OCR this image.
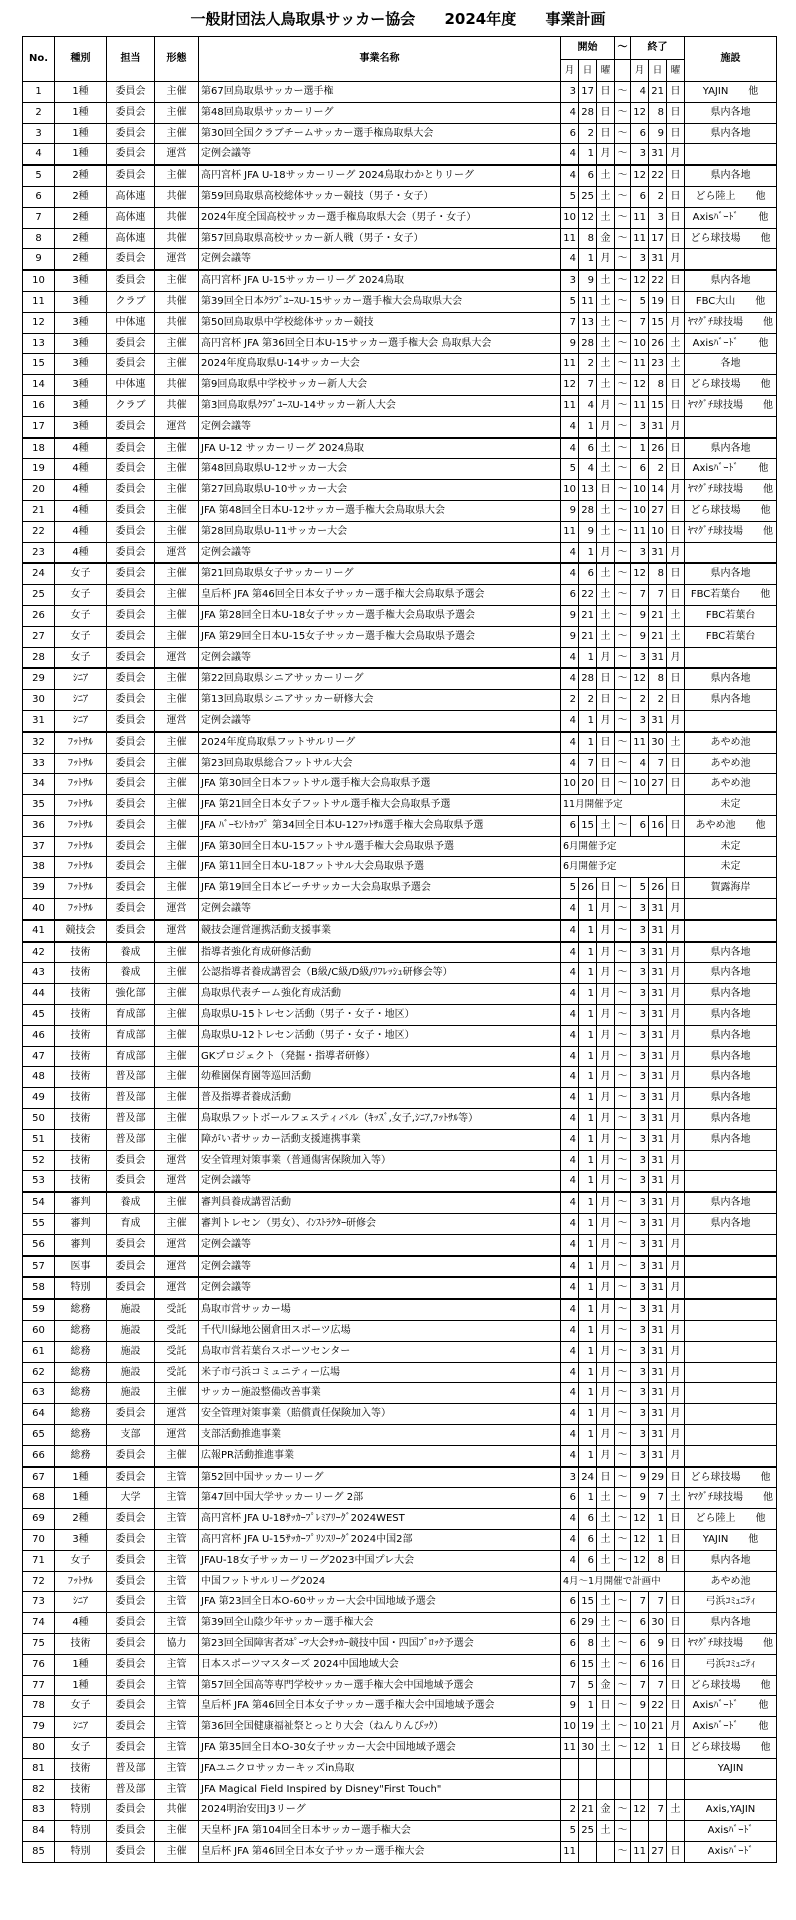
一般財団法人鳥取県サッカー協会 2024年度 事業計画
No.	種別	担当	形態	事業名称	開始			～	終了			施設
					月	日	曜		月	日	曜	
1	1種	委員会	主催	第67回鳥取県サッカー選手権	3	17	日	～	4	21	日	YAJIN　　他
2	1種	委員会	主催	第48回鳥取県サッカーリーグ	4	28	日	～	12	8	日	県内各地
3	1種	委員会	主催	第30回全国クラブチームサッカー選手権鳥取県大会	6	2	日	～	6	9	日	県内各地
4	1種	委員会	運営	定例会議等	4	1	月	～	3	31	月	
5	2種	委員会	主催	高円宮杯 JFA U-18サッカーリーグ 2024鳥取わかとりリーグ	4	6	土	～	12	22	日	県内各地
6	2種	高体連	共催	第59回鳥取県高校総体サッカー競技（男子・女子）	5	25	土	～	6	2	日	どら陸上　　他
7	2種	高体連	共催	2024年度全国高校サッカー選手権鳥取県大会（男子・女子）	10	12	土	～	11	3	日	Axisﾊﾞｰﾄﾞ　　他
8	2種	高体連	共催	第57回鳥取県高校サッカー新人戦（男子・女子）	11	8	金	～	11	17	日	どら球技場　　他
9	2種	委員会	運営	定例会議等	4	1	月	～	3	31	月	
10	3種	委員会	主催	高円宮杯 JFA U-15サッカーリーグ 2024鳥取	3	9	土	～	12	22	日	県内各地
11	3種	クラブ	共催	第39回全日本ｸﾗﾌﾞﾕｰｽU-15サッカー選手権大会鳥取県大会	5	11	土	～	5	19	日	FBC大山　　他
12	3種	中体連	共催	第50回鳥取県中学校総体サッカー競技	7	13	土	～	7	15	月	ﾔﾏｸﾞﾁ球技場　　他
13	3種	委員会	主催	高円宮杯 JFA 第36回全日本U-15サッカー選手権大会 鳥取県大会	9	28	土	～	10	26	土	Axisﾊﾞｰﾄﾞ　　他
15	3種	委員会	主催	2024年度鳥取県U-14サッカー大会	11	2	土	～	11	23	土	各地
14	3種	中体連	共催	第9回鳥取県中学校サッカー新人大会	12	7	土	～	12	8	日	どら球技場　　他
16	3種	クラブ	共催	第3回鳥取県ｸﾗﾌﾞﾕｰｽU-14サッカー新人大会	11	4	月	～	11	15	日	ﾔﾏｸﾞﾁ球技場　　他
17	3種	委員会	運営	定例会議等	4	1	月	～	3	31	月	
18	4種	委員会	主催	JFA U-12 サッカーリーグ 2024鳥取	4	6	土	～	1	26	日	県内各地
19	4種	委員会	主催	第48回鳥取県U-12サッカー大会	5	4	土	～	6	2	日	Axisﾊﾞｰﾄﾞ　　他
20	4種	委員会	主催	第27回鳥取県U-10サッカー大会	10	13	日	～	10	14	月	ﾔﾏｸﾞﾁ球技場　　他
21	4種	委員会	主催	JFA 第48回全日本U-12サッカー選手権大会鳥取県大会	9	28	土	～	10	27	日	どら球技場　　他
22	4種	委員会	主催	第28回鳥取県U-11サッカー大会	11	9	土	～	11	10	日	ﾔﾏｸﾞﾁ球技場　　他
23	4種	委員会	運営	定例会議等	4	1	月	～	3	31	月	
24	女子	委員会	主催	第21回鳥取県女子サッカーリーグ	4	6	土	～	12	8	日	県内各地
25	女子	委員会	主催	皇后杯 JFA 第46回全日本女子サッカー選手権大会鳥取県予選会	6	22	土	～	7	7	日	FBC若葉台　　他
26	女子	委員会	主催	JFA 第28回全日本U-18女子サッカー選手権大会鳥取県予選会	9	21	土	～	9	21	土	FBC若葉台
27	女子	委員会	主催	JFA 第29回全日本U-15女子サッカー選手権大会鳥取県予選会	9	21	土	～	9	21	土	FBC若葉台
28	女子	委員会	運営	定例会議等	4	1	月	～	3	31	月	
29	ｼﾆｱ	委員会	主催	第22回鳥取県シニアサッカーリーグ	4	28	日	～	12	8	日	県内各地
30	ｼﾆｱ	委員会	主催	第13回鳥取県シニアサッカー研修大会	2	2	日	～	2	2	日	県内各地
31	ｼﾆｱ	委員会	運営	定例会議等	4	1	月	～	3	31	月	
32	ﾌｯﾄｻﾙ	委員会	主催	2024年度鳥取県フットサルリーグ	4	1	日	～	11	30	土	あやめ池
33	ﾌｯﾄｻﾙ	委員会	主催	第23回鳥取県総合フットサル大会	4	7	日	～	4	7	日	あやめ池
34	ﾌｯﾄｻﾙ	委員会	主催	JFA 第30回全日本フットサル選手権大会鳥取県予選	10	20	日	～	10	27	日	あやめ池
35	ﾌｯﾄｻﾙ	委員会	主催	JFA 第21回全日本女子フットサル選手権大会鳥取県予選	11月開催予定							未定
36	ﾌｯﾄｻﾙ	委員会	主催	JFA ﾊﾞｰﾓﾝﾄｶｯﾌﾟ 第34回全日本U-12ﾌｯﾄｻﾙ選手権大会鳥取県予選	6	15	土	～	6	16	日	あやめ池　　他
37	ﾌｯﾄｻﾙ	委員会	主催	JFA 第30回全日本U-15フットサル選手権大会鳥取県予選	6月開催予定							未定
38	ﾌｯﾄｻﾙ	委員会	主催	JFA 第11回全日本U-18フットサル大会鳥取県予選	6月開催予定							未定
39	ﾌｯﾄｻﾙ	委員会	主催	JFA 第19回全日本ビーチサッカー大会鳥取県予選会	5	26	日	～	5	26	日	賀露海岸
40	ﾌｯﾄｻﾙ	委員会	運営	定例会議等	4	1	月	～	3	31	月	
41	競技会	委員会	運営	競技会運営運携活動支援事業	4	1	月	～	3	31	月	
42	技術	養成	主催	指導者強化育成研修活動	4	1	月	～	3	31	月	県内各地
43	技術	養成	主催	公認指導者養成講習会（B級/C級/D級/ﾘﾌﾚｯｼｭ研修会等）	4	1	月	～	3	31	月	県内各地
44	技術	強化部	主催	鳥取県代表チーム強化育成活動	4	1	月	～	3	31	月	県内各地
45	技術	育成部	主催	鳥取県U-15トレセン活動（男子・女子・地区）	4	1	月	～	3	31	月	県内各地
46	技術	育成部	主催	鳥取県U-12トレセン活動（男子・女子・地区）	4	1	月	～	3	31	月	県内各地
47	技術	育成部	主催	GKプロジェクト（発掘・指導者研修）	4	1	月	～	3	31	月	県内各地
48	技術	普及部	主催	幼稚園保育園等巡回活動	4	1	月	～	3	31	月	県内各地
49	技術	普及部	主催	普及指導者養成活動	4	1	月	～	3	31	月	県内各地
50	技術	普及部	主催	鳥取県フットボールフェスティバル（ｷｯｽﾞ,女子,ｼﾆｱ,ﾌｯﾄｻﾙ等）	4	1	月	～	3	31	月	県内各地
51	技術	普及部	主催	障がい者サッカー活動支援連携事業	4	1	月	～	3	31	月	県内各地
52	技術	委員会	運営	安全管理対策事業（普通傷害保険加入等）	4	1	月	～	3	31	月	
53	技術	委員会	運営	定例会議等	4	1	月	～	3	31	月	
54	審判	養成	主催	審判員養成講習活動	4	1	月	～	3	31	月	県内各地
55	審判	育成	主催	審判トレセン（男女）、ｲﾝｽﾄﾗｸﾀｰ研修会	4	1	月	～	3	31	月	県内各地
56	審判	委員会	運営	定例会議等	4	1	月	～	3	31	月	
57	医事	委員会	運営	定例会議等	4	1	月	～	3	31	月	
58	特別	委員会	運営	定例会議等	4	1	月	～	3	31	月	
59	総務	施設	受託	鳥取市営サッカー場	4	1	月	～	3	31	月	
60	総務	施設	受託	千代川緑地公園倉田スポーツ広場	4	1	月	～	3	31	月	
61	総務	施設	受託	鳥取市営若葉台スポーツセンター	4	1	月	～	3	31	月	
62	総務	施設	受託	米子市弓浜コミュニティー広場	4	1	月	～	3	31	月	
63	総務	施設	主催	サッカー施設整備改善事業	4	1	月	～	3	31	月	
64	総務	委員会	運営	安全管理対策事業（賠償責任保険加入等）	4	1	月	～	3	31	月	
65	総務	支部	運営	支部活動推進事業	4	1	月	～	3	31	月	
66	総務	委員会	主催	広報PR活動推進事業	4	1	月	～	3	31	月	
67	1種	委員会	主管	第52回中国サッカーリーグ	3	24	日	～	9	29	日	どら球技場　　他
68	1種	大学	主管	第47回中国大学サッカーリーグ 2部	6	1	土	～	9	7	土	ﾔﾏｸﾞﾁ球技場　　他
69	2種	委員会	主管	高円宮杯 JFA U-18ｻｯｶｰﾌﾟﾚﾐｱﾘｰｸﾞ2024WEST	4	6	土	～	12	1	日	どら陸上　　他
70	3種	委員会	主管	高円宮杯 JFA U-15ｻｯｶｰﾌﾟﾘﾝｽﾘｰｸﾞ2024中国2部	4	6	土	～	12	1	日	YAJIN　　他
71	女子	委員会	主管	JFAU-18女子サッカーリーグ2023中国プレ大会	4	6	土	～	12	8	日	県内各地
72	ﾌｯﾄｻﾙ	委員会	主管	中国フットサルリーグ2024	4月～1月開催で計画中							あやめ池
73	ｼﾆｱ	委員会	主管	JFA 第23回全日本O-60サッカー大会中国地域予選会	6	15	土	～	7	7	日	弓浜ｺﾐｭﾆﾃｨ
74	4種	委員会	主管	第39回全山陰少年サッカー選手権大会	6	29	土	～	6	30	日	県内各地
75	技術	委員会	協力	第23回全国障害者ｽﾎﾟｰﾂ大会ｻｯｶｰ競技中国・四国ﾌﾞﾛｯｸ予選会	6	8	土	～	6	9	日	ﾔﾏｸﾞﾁ球技場　　他
76	1種	委員会	主管	日本スポーツマスターズ 2024中国地域大会	6	15	土	～	6	16	日	弓浜ｺﾐｭﾆﾃｨ
77	1種	委員会	主管	第57回全国高等専門学校サッカー選手権大会中国地域予選会	7	5	金	～	7	7	日	どら球技場　　他
78	女子	委員会	主管	皇后杯 JFA 第46回全日本女子サッカー選手権大会中国地域予選会	9	1	日	～	9	22	日	Axisﾊﾞｰﾄﾞ　　他
79	ｼﾆｱ	委員会	主管	第36回全国健康福祉祭とっとり大会（ねんりんぴｯｸ）	10	19	土	～	10	21	月	Axisﾊﾞｰﾄﾞ　　他
80	女子	委員会	主管	JFA 第35回全日本O-30女子サッカー大会中国地域予選会	11	30	土	～	12	1	日	どら球技場　　他
81	技術	普及部	主管	JFAユニクロサッカーキッズin鳥取								YAJIN
82	技術	普及部	主管	JFA Magical Field Inspired by Disney"First Touch"								
83	特別	委員会	共催	2024明治安田J3リーグ	2	21	金	～	12	7	土	Axis,YAJIN
84	特別	委員会	主催	天皇杯 JFA 第104回全日本サッカー選手権大会	5	25	土	～				Axisﾊﾞｰﾄﾞ
85	特別	委員会	主催	皇后杯 JFA 第46回全日本女子サッカー選手権大会	11			～	11	27	日	Axisﾊﾞｰﾄﾞ
